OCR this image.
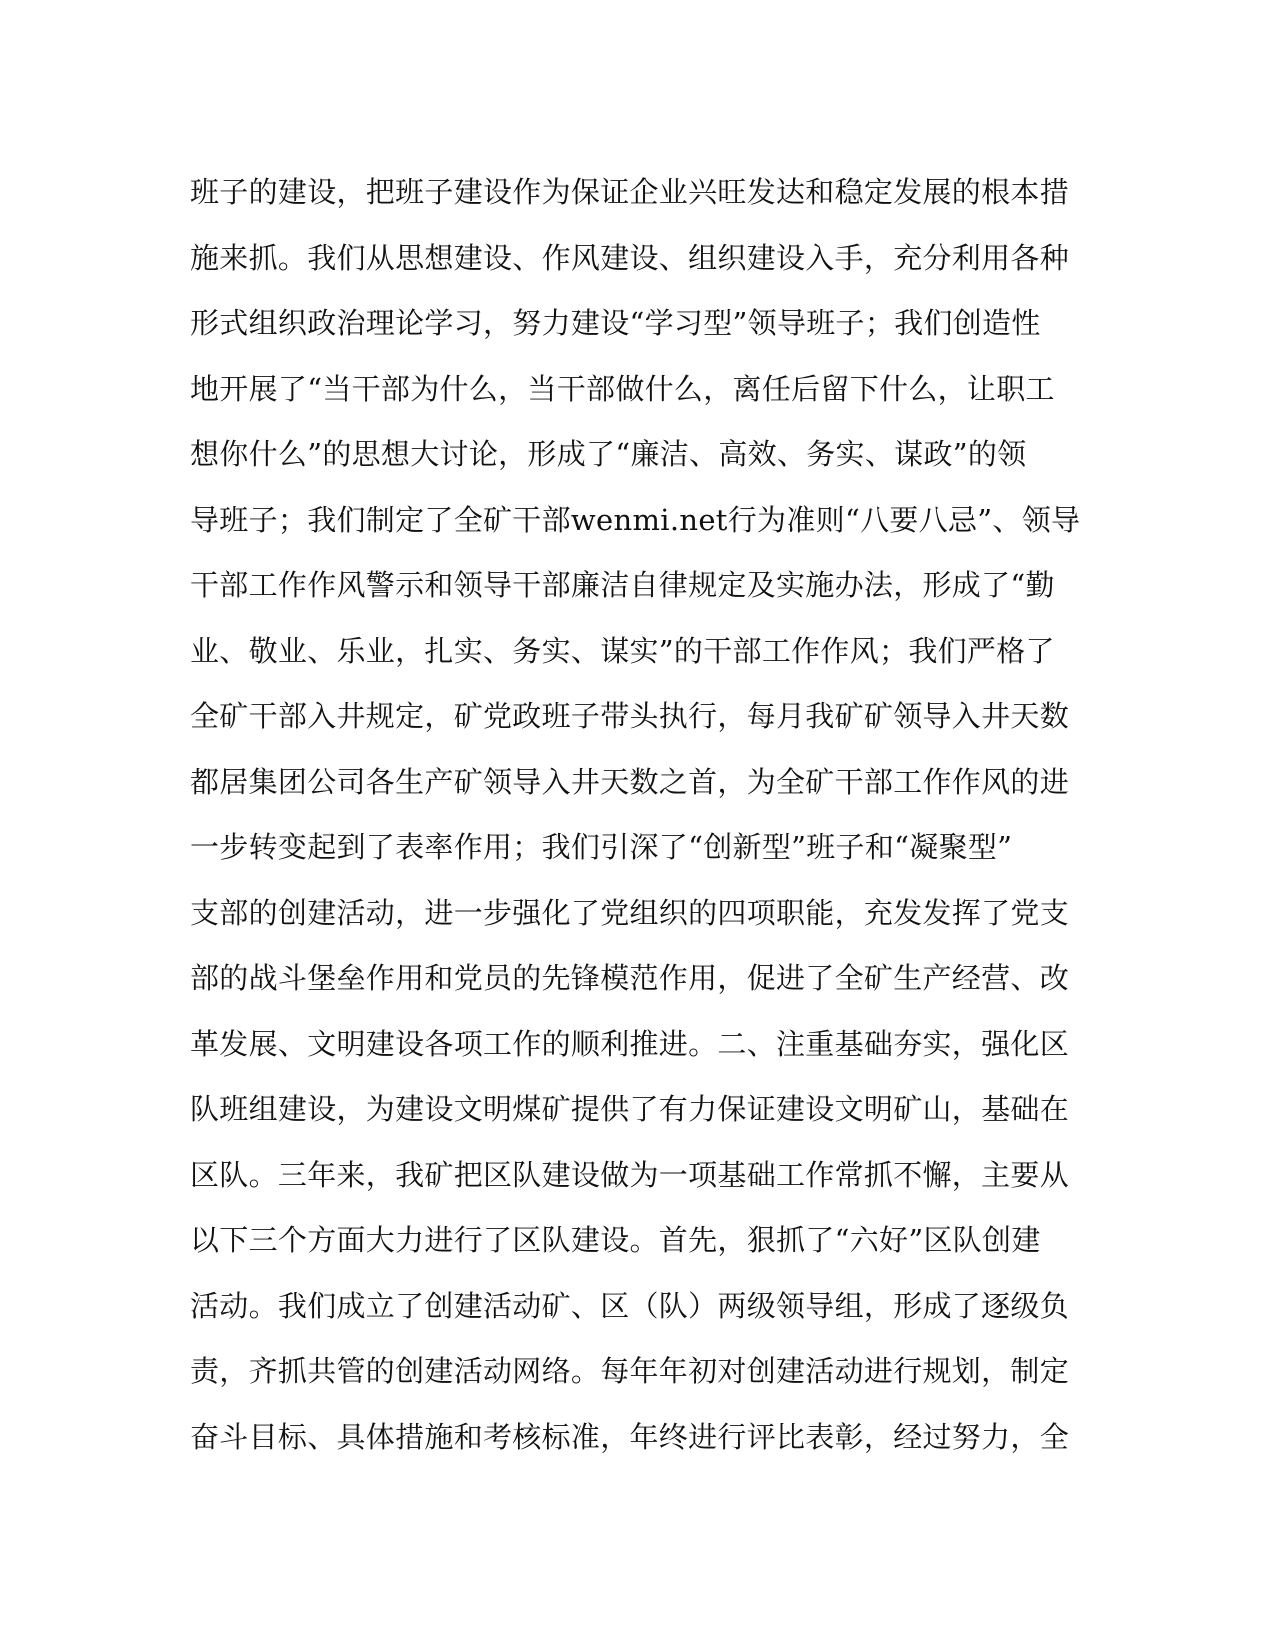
班子的建设，把班子建设作为保证企业兴旺发达和稳定发展的根本措
施来抓。我们从思想建设、作风建设、组织建设入手，充分利用各种
形式组织政治理论学习，努力建设“学习型”领导班子；我们创造性
地开展了“当干部为什么，当干部做什么，离任后留下什么，让职工
想你什么”的思想大讨论，形成了“廉洁、高效、务实、谋政”的领
导班子；我们制定了全矿干部wenmi.net行为准则“八要八忌”、领导
干部工作作风警示和领导干部廉洁自律规定及实施办法，形成了“勤
业、敬业、乐业，扎实、务实、谋实”的干部工作作风；我们严格了
全矿干部入井规定，矿党政班子带头执行，每月我矿矿领导入井天数
都居集团公司各生产矿领导入井天数之首，为全矿干部工作作风的进
一步转变起到了表率作用；我们引深了“创新型”班子和“凝聚型”
支部的创建活动，进一步强化了党组织的四项职能，充发发挥了党支
部的战斗堡垒作用和党员的先锋模范作用，促进了全矿生产经营、改
革发展、文明建设各项工作的顺利推进。二、注重基础夯实，强化区
队班组建设，为建设文明煤矿提供了有力保证建设文明矿山，基础在
区队。三年来，我矿把区队建设做为一项基础工作常抓不懈，主要从
以下三个方面大力进行了区队建设。首先，狠抓了“六好”区队创建
活动。我们成立了创建活动矿、区（队）两级领导组，形成了逐级负
责，齐抓共管的创建活动网络。每年年初对创建活动进行规划，制定
奋斗目标、具体措施和考核标准，年终进行评比表彰，经过努力，全
